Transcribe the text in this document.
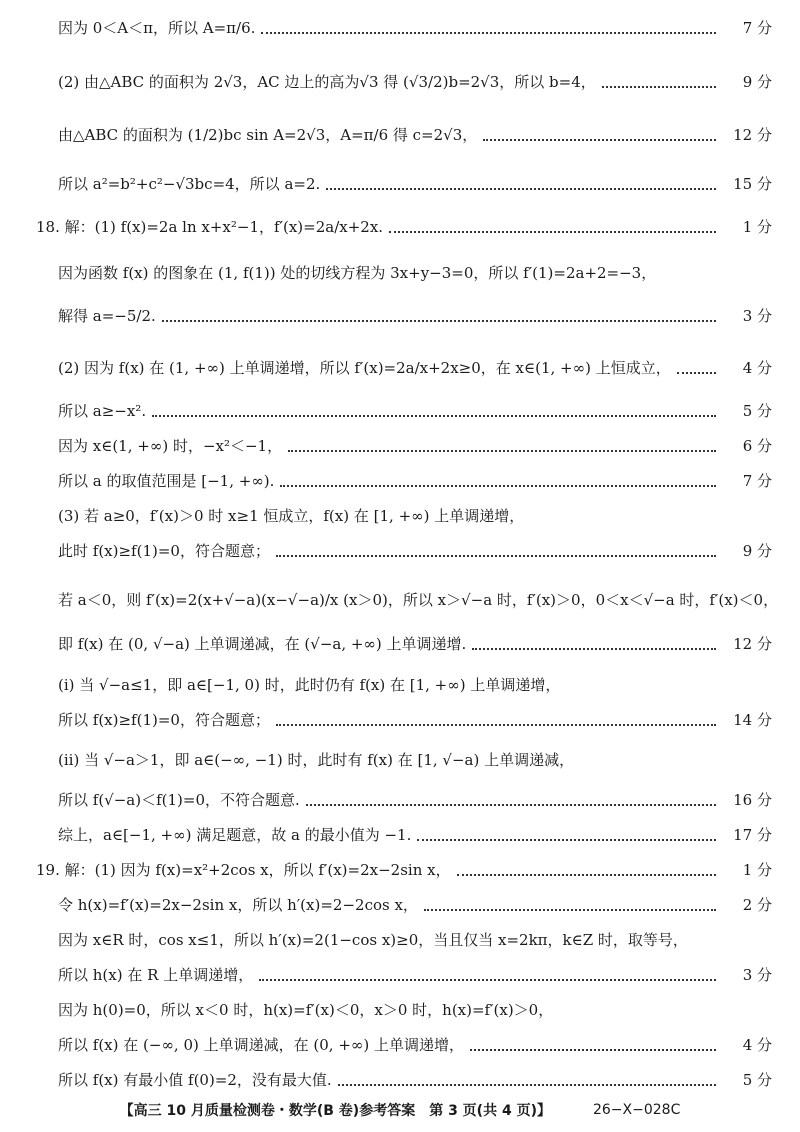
因为 0＜A＜π，所以 A=π/6.	7 分
(2) 由△ABC 的面积为 2√3，AC 边上的高为√3 得 (√3/2)b=2√3，所以 b=4，	9 分
由△ABC 的面积为 (1/2)bc sin A=2√3，A=π/6 得 c=2√3，	12 分
所以 a²=b²+c²−√3bc=4，所以 a=2.	15 分
18. 解：(1) f(x)=2a ln x+x²−1，f′(x)=2a/x+2x.	1 分
因为函数 f(x) 的图象在 (1, f(1)) 处的切线方程为 3x+y−3=0，所以 f′(1)=2a+2=−3，
解得 a=−5/2.	3 分
(2) 因为 f(x) 在 (1, +∞) 上单调递增，所以 f′(x)=2a/x+2x≥0，在 x∈(1, +∞) 上恒成立，	4 分
所以 a≥−x².	5 分
因为 x∈(1, +∞) 时，−x²＜−1，	6 分
所以 a 的取值范围是 [−1, +∞).	7 分
(3) 若 a≥0，f′(x)＞0 时 x≥1 恒成立，f(x) 在 [1, +∞) 上单调递增，
此时 f(x)≥f(1)=0，符合题意；	9 分
若 a＜0，则 f′(x)=2(x+√−a)(x−√−a)/x (x＞0)，所以 x＞√−a 时，f′(x)＞0，0＜x＜√−a 时，f′(x)＜0，
即 f(x) 在 (0, √−a) 上单调递减，在 (√−a, +∞) 上单调递增.	12 分
(ⅰ) 当 √−a≤1，即 a∈[−1, 0) 时，此时仍有 f(x) 在 [1, +∞) 上单调递增，
所以 f(x)≥f(1)=0，符合题意；	14 分
(ⅱ) 当 √−a＞1，即 a∈(−∞, −1) 时，此时有 f(x) 在 [1, √−a) 上单调递减，
所以 f(√−a)＜f(1)=0，不符合题意.	16 分
综上，a∈[−1, +∞) 满足题意，故 a 的最小值为 −1.	17 分
19. 解：(1) 因为 f(x)=x²+2cos x，所以 f′(x)=2x−2sin x，	1 分
令 h(x)=f′(x)=2x−2sin x，所以 h′(x)=2−2cos x，	2 分
因为 x∈R 时，cos x≤1，所以 h′(x)=2(1−cos x)≥0，当且仅当 x=2kπ，k∈Z 时，取等号，
所以 h(x) 在 R 上单调递增，	3 分
因为 h(0)=0，所以 x＜0 时，h(x)=f′(x)＜0，x＞0 时，h(x)=f′(x)＞0，
所以 f(x) 在 (−∞, 0) 上单调递减，在 (0, +∞) 上单调递增，	4 分
所以 f(x) 有最小值 f(0)=2，没有最大值.	5 分
【高三 10 月质量检测卷・数学(B 卷)参考答案　第 3 页(共 4 页)】	26−X−028C
